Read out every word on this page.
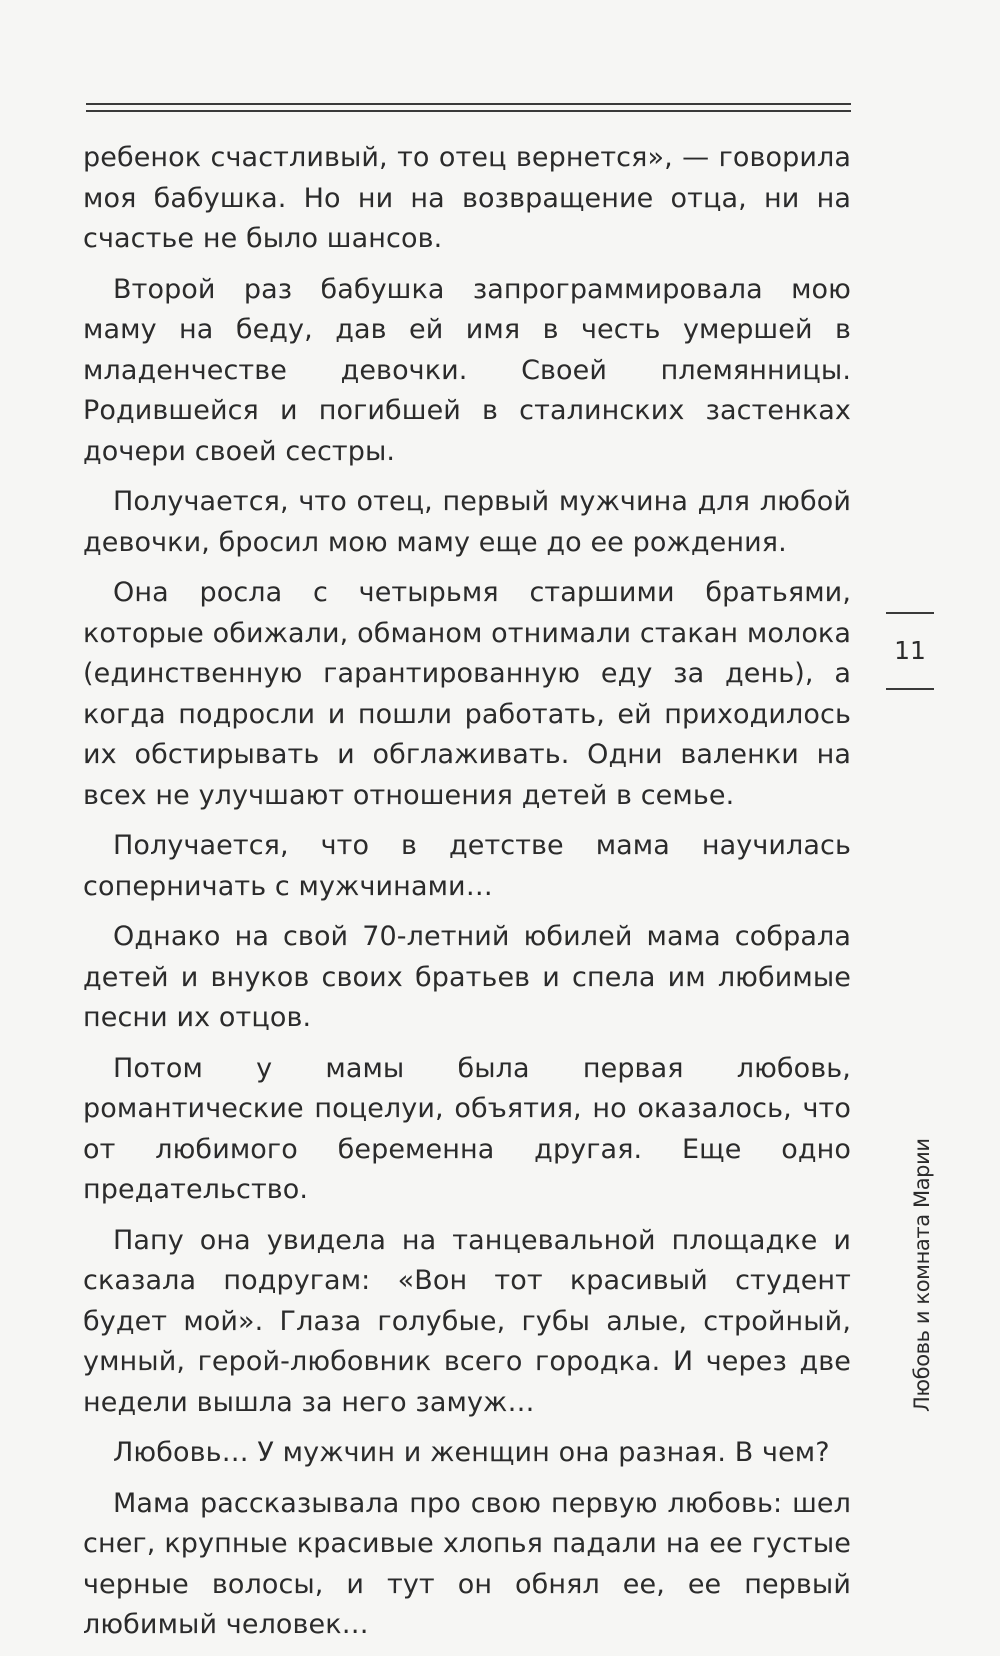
ребенок счастливый, то отец вернется», — говорила моя бабушка. Но ни на возвращение отца, ни на счастье не было шансов.

Второй раз бабушка запрограммировала мою маму на беду, дав ей имя в честь умершей в младенчестве девочки. Своей племянницы. Родившейся и погибшей в сталинских застенках дочери своей сестры.

Получается, что отец, первый мужчина для любой девочки, бросил мою маму еще до ее рождения.

Она росла с четырьмя старшими братьями, которые обижали, обманом отнимали стакан молока (единственную гарантированную еду за день), а когда подросли и пошли работать, ей приходилось их обстирывать и обглаживать. Одни валенки на всех не улучшают отношения детей в семье.

Получается, что в детстве мама научилась соперничать с мужчинами…

Однако на свой 70-летний юбилей мама собрала детей и внуков своих братьев и спела им любимые песни их отцов.

Потом у мамы была первая любовь, романтические поцелуи, объятия, но оказалось, что от любимого беременна другая. Еще одно предательство.

Папу она увидела на танцевальной площадке и сказала подругам: «Вон тот красивый студент будет мой». Глаза голубые, губы алые, стройный, умный, герой-любовник всего городка. И через две недели вышла за него замуж…

Любовь… У мужчин и женщин она разная. В чем?

Мама рассказывала про свою первую любовь: шел снег, крупные красивые хлопья падали на ее густые черные волосы, и тут он обнял ее, ее первый любимый человек…

11
Любовь и комната Марии
